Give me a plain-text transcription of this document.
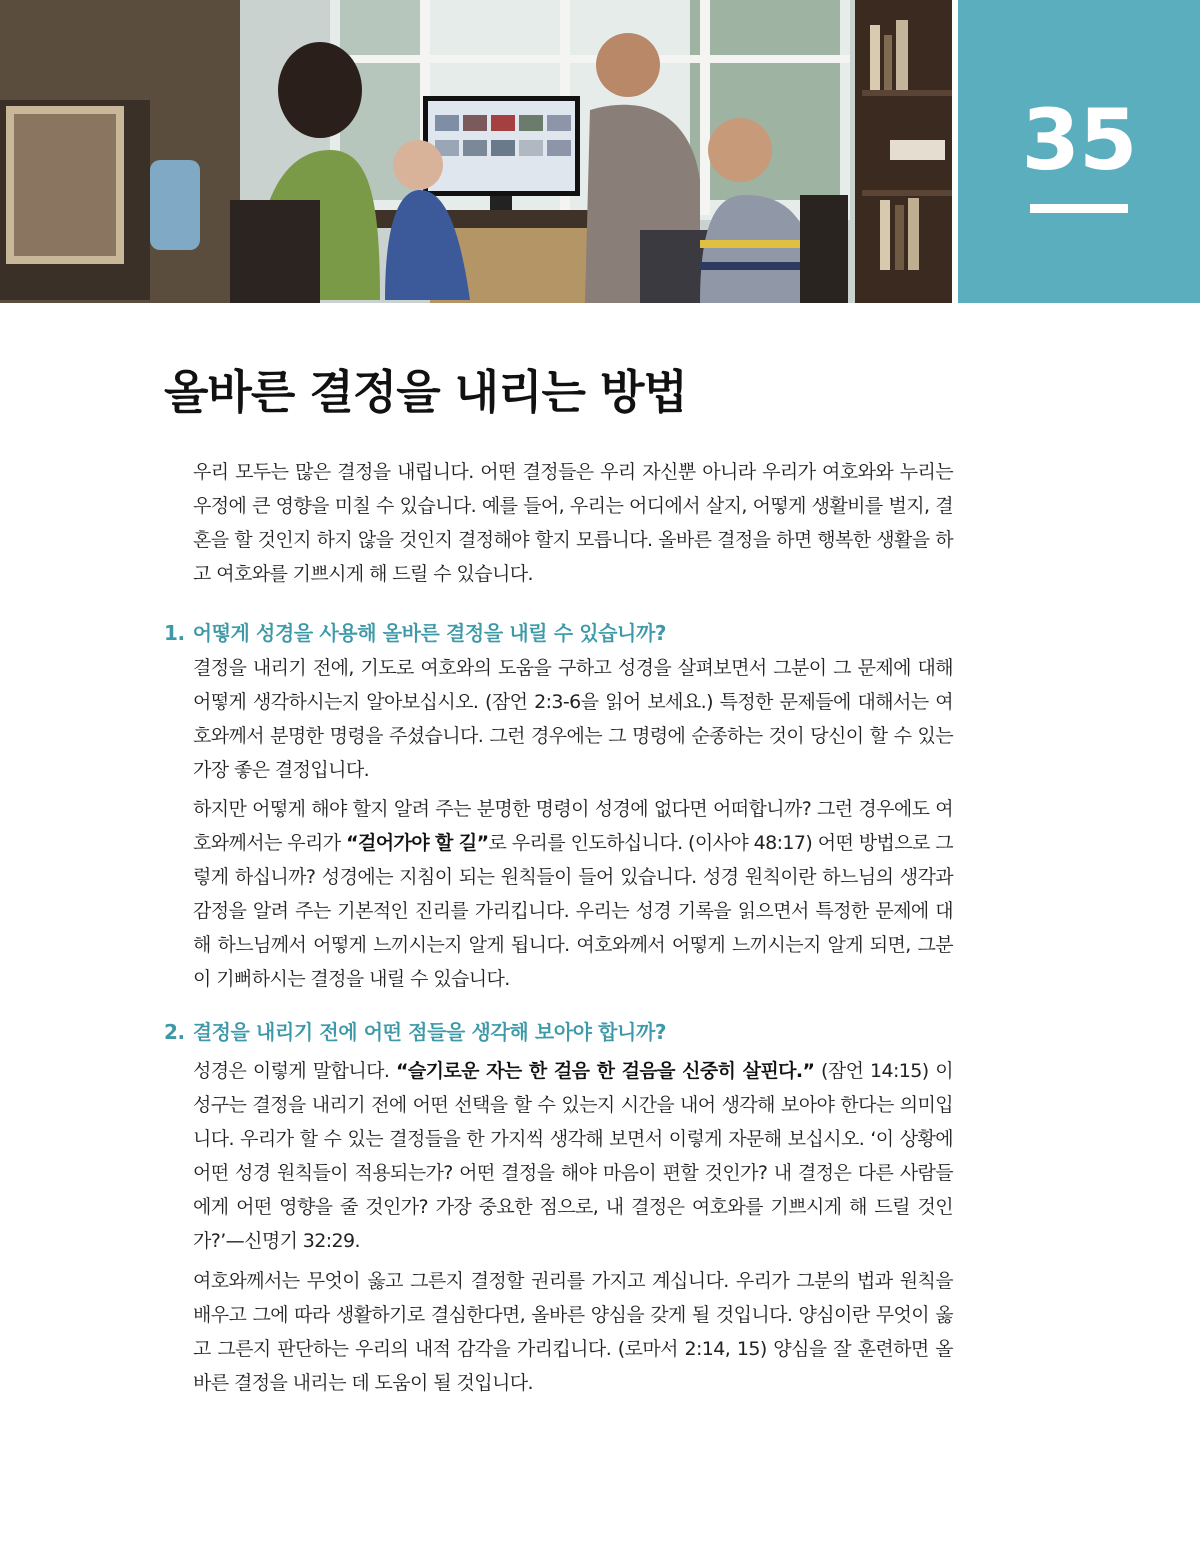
35
올바른 결정을 내리는 방법

우리 모두는 많은 결정을 내립니다. 어떤 결정들은 우리 자신뿐 아니라 우리가 여호와와 누리는 우정에 큰 영향을 미칠 수 있습니다. 예를 들어, 우리는 어디에서 살지, 어떻게 생활비를 벌지, 결혼을 할 것인지 하지 않을 것인지 결정해야 할지 모릅니다. 올바른 결정을 하면 행복한 생활을 하고 여호와를 기쁘시게 해 드릴 수 있습니다.

1. 어떻게 성경을 사용해 올바른 결정을 내릴 수 있습니까?

결정을 내리기 전에, 기도로 여호와의 도움을 구하고 성경을 살펴보면서 그분이 그 문제에 대해 어떻게 생각하시는지 알아보십시오. (잠언 2:3-6을 읽어 보세요.) 특정한 문제들에 대해서는 여호와께서 분명한 명령을 주셨습니다. 그런 경우에는 그 명령에 순종하는 것이 당신이 할 수 있는 가장 좋은 결정입니다.

하지만 어떻게 해야 할지 알려 주는 분명한 명령이 성경에 없다면 어떠합니까? 그런 경우에도 여호와께서는 우리가 “걸어가야 할 길”로 우리를 인도하십니다. (이사야 48:17) 어떤 방법으로 그렇게 하십니까? 성경에는 지침이 되는 원칙들이 들어 있습니다. 성경 원칙이란 하느님의 생각과 감정을 알려 주는 기본적인 진리를 가리킵니다. 우리는 성경 기록을 읽으면서 특정한 문제에 대해 하느님께서 어떻게 느끼시는지 알게 됩니다. 여호와께서 어떻게 느끼시는지 알게 되면, 그분이 기뻐하시는 결정을 내릴 수 있습니다.

2. 결정을 내리기 전에 어떤 점들을 생각해 보아야 합니까?

성경은 이렇게 말합니다. “슬기로운 자는 한 걸음 한 걸음을 신중히 살핀다.” (잠언 14:15) 이 성구는 결정을 내리기 전에 어떤 선택을 할 수 있는지 시간을 내어 생각해 보아야 한다는 의미입니다. 우리가 할 수 있는 결정들을 한 가지씩 생각해 보면서 이렇게 자문해 보십시오. ‘이 상황에 어떤 성경 원칙들이 적용되는가? 어떤 결정을 해야 마음이 편할 것인가? 내 결정은 다른 사람들에게 어떤 영향을 줄 것인가? 가장 중요한 점으로, 내 결정은 여호와를 기쁘시게 해 드릴 것인가?’—신명기 32:29.

여호와께서는 무엇이 옳고 그른지 결정할 권리를 가지고 계십니다. 우리가 그분의 법과 원칙을 배우고 그에 따라 생활하기로 결심한다면, 올바른 양심을 갖게 될 것입니다. 양심이란 무엇이 옳고 그른지 판단하는 우리의 내적 감각을 가리킵니다. (로마서 2:14, 15) 양심을 잘 훈련하면 올바른 결정을 내리는 데 도움이 될 것입니다.
